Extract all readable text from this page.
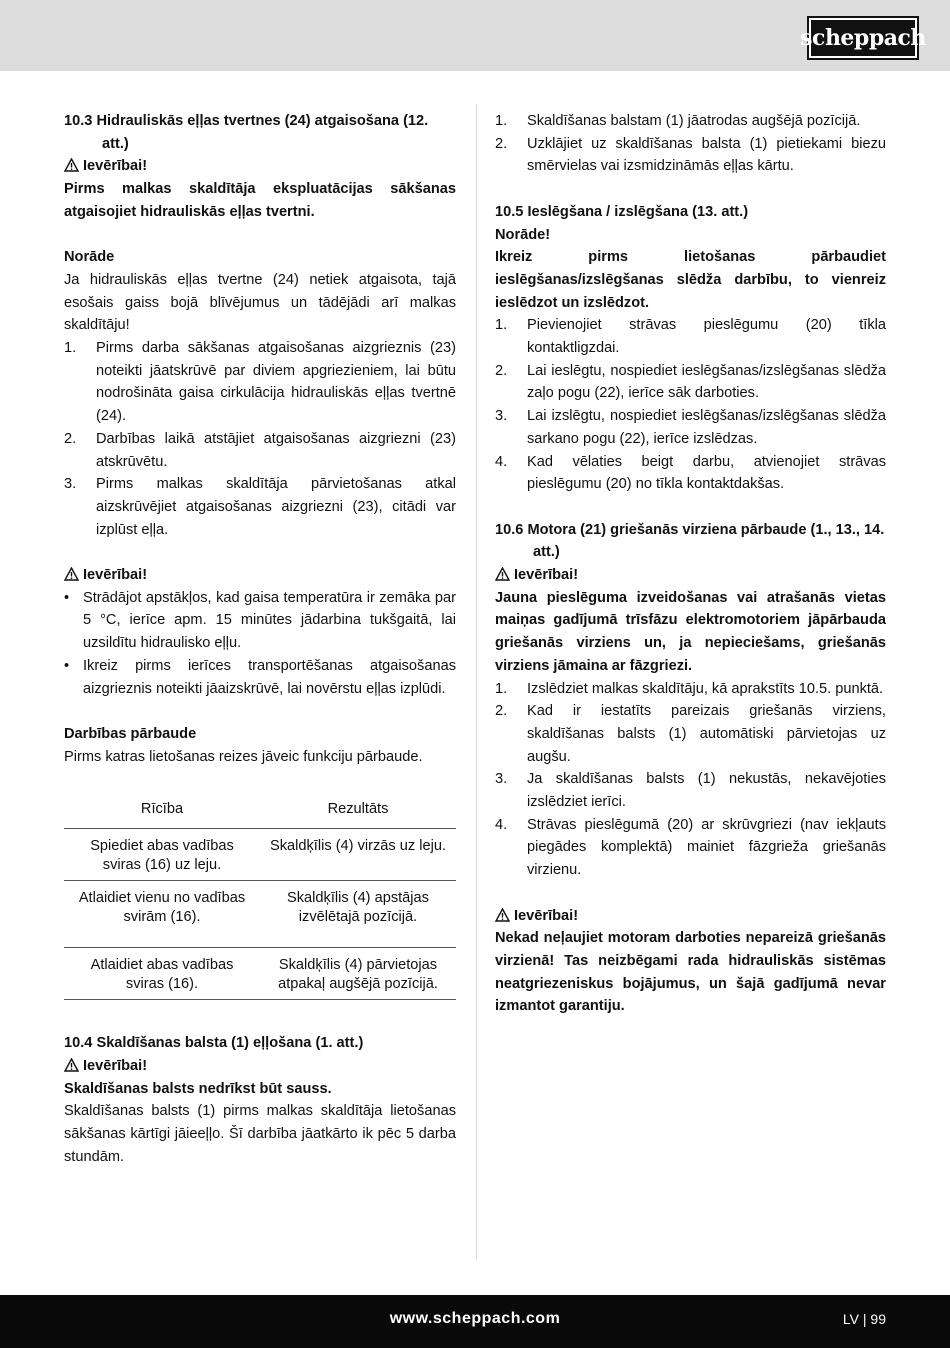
scheppach

10.3 Hidrauliskās eļļas tvertnes (24) atgaisošana (12. att.)

Ievērībai!

Pirms malkas skaldītāja ekspluatācijas sākšanas atgaisojiet hidrauliskās eļļas tvertni.

Norāde

Ja hidrauliskās eļļas tvertne (24) netiek atgaisota, tajā esošais gaiss bojā blīvējumus un tādējādi arī malkas skaldītāju!

1. Pirms darba sākšanas atgaisošanas aizgrieznis (23) noteikti jāatskrūvē par diviem apgriezieniem, lai būtu nodrošināta gaisa cirkulācija hidrauliskās eļļas tvertnē (24).
2. Darbības laikā atstājiet atgaisošanas aizgriezni (23) atskrūvētu.
3. Pirms malkas skaldītāja pārvietošanas atkal aizskrūvējiet atgaisošanas aizgriezni (23), citādi var izplūst eļļa.

Ievērībai!

• Strādājot apstākļos, kad gaisa temperatūra ir zemāka par 5 °C, ierīce apm. 15 minūtes jādarbina tukšgaitā, lai uzsildītu hidraulisko eļļu.
• Ikreiz pirms ierīces transportēšanas atgaisošanas aizgrieznis noteikti jāaizskrūvē, lai novērstu eļļas izplūdi.

Darbības pārbaude

Pirms katras lietošanas reizes jāveic funkciju pārbaude.

Rīcība	Rezultāts
Spiediet abas vadības sviras (16) uz leju.	Skaldķīlis (4) virzās uz leju.
Atlaidiet vienu no vadības svirām (16).	Skaldķīlis (4) apstājas izvēlētajā pozīcijā.
Atlaidiet abas vadības sviras (16).	Skaldķīlis (4) pārvietojas atpakaļ augšējā pozīcijā.

10.4 Skaldīšanas balsta (1) eļļošana (1. att.)

Ievērībai!

Skaldīšanas balsts nedrīkst būt sauss.

Skaldīšanas balsts (1) pirms malkas skaldītāja lietošanas sākšanas kārtīgi jāieeļļo. Šī darbība jāatkārto ik pēc 5 darba stundām.

1. Skaldīšanas balstam (1) jāatrodas augšējā pozīcijā.
2. Uzklājiet uz skaldīšanas balsta (1) pietiekami biezu smērvielas vai izsmidzināmās eļļas kārtu.

10.5 Ieslēgšana / izslēgšana (13. att.)

Norāde!

Ikreiz pirms lietošanas pārbaudiet ieslēgšanas/izslēgšanas slēdža darbību, to vienreiz ieslēdzot un izslēdzot.

1. Pievienojiet strāvas pieslēgumu (20) tīkla kontaktligzdai.
2. Lai ieslēgtu, nospiediet ieslēgšanas/izslēgšanas slēdža zaļo pogu (22), ierīce sāk darboties.
3. Lai izslēgtu, nospiediet ieslēgšanas/izslēgšanas slēdža sarkano pogu (22), ierīce izslēdzas.
4. Kad vēlaties beigt darbu, atvienojiet strāvas pieslēgumu (20) no tīkla kontaktdakšas.

10.6 Motora (21) griešanās virziena pārbaude (1., 13., 14. att.)

Ievērībai!

Jauna pieslēguma izveidošanas vai atrašanās vietas maiņas gadījumā trīsfāzu elektromotoriem jāpārbauda griešanās virziens un, ja nepieciešams, griešanās virziens jāmaina ar fāzgriezi.

1. Izslēdziet malkas skaldītāju, kā aprakstīts 10.5. punktā.
2. Kad ir iestatīts pareizais griešanās virziens, skaldīšanas balsts (1) automātiski pārvietojas uz augšu.
3. Ja skaldīšanas balsts (1) nekustās, nekavējoties izslēdziet ierīci.
4. Strāvas pieslēgumā (20) ar skrūvgriezi (nav iekļauts piegādes komplektā) mainiet fāzgrieža griešanās virzienu.

Ievērībai!

Nekad neļaujiet motoram darboties nepareizā griešanās virzienā! Tas neizbēgami rada hidrauliskās sistēmas neatgriezeniskus bojājumus, un šajā gadījumā nevar izmantot garantiju.

www.scheppach.com	LV | 99
